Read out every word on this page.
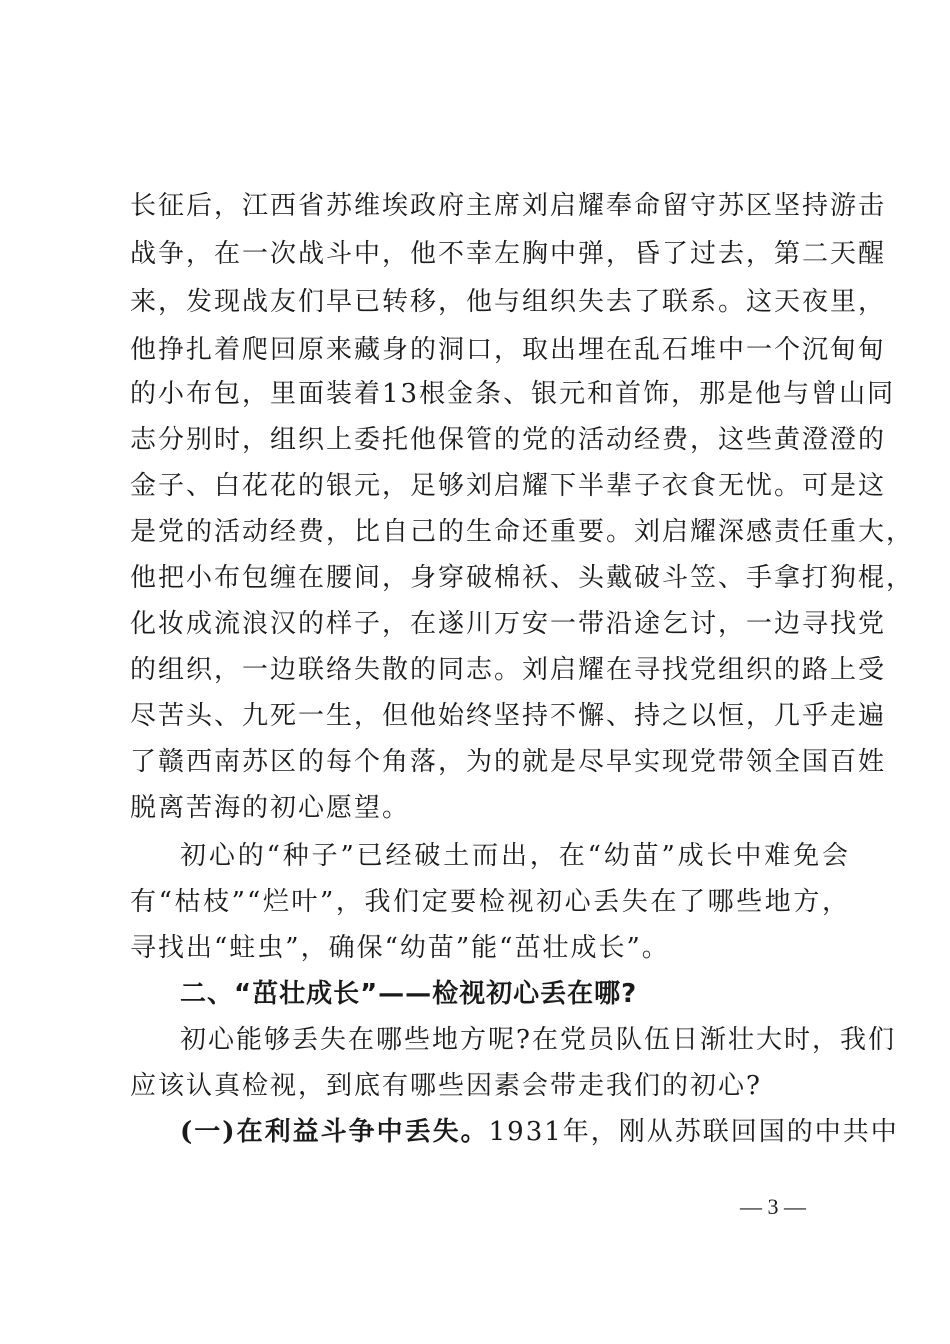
长征后，江西省苏维埃政府主席刘启耀奉命留守苏区坚持游击
战争，在一次战斗中，他不幸左胸中弹，昏了过去，第二天醒
来，发现战友们早已转移，他与组织失去了联系。这天夜里，
他挣扎着爬回原来藏身的洞口，取出埋在乱石堆中一个沉甸甸
的小布包，里面装着13根金条、银元和首饰，那是他与曾山同
志分别时，组织上委托他保管的党的活动经费，这些黄澄澄的
金子、白花花的银元，足够刘启耀下半辈子衣食无忧。可是这
是党的活动经费，比自己的生命还重要。刘启耀深感责任重大，
他把小布包缠在腰间，身穿破棉袄、头戴破斗笠、手拿打狗棍，
化妆成流浪汉的样子，在遂川万安一带沿途乞讨，一边寻找党
的组织，一边联络失散的同志。刘启耀在寻找党组织的路上受
尽苦头、九死一生，但他始终坚持不懈、持之以恒，几乎走遍
了赣西南苏区的每个角落，为的就是尽早实现党带领全国百姓
脱离苦海的初心愿望。
初心的“种子”已经破土而出，在“幼苗”成长中难免会
有“枯枝”“烂叶”，我们定要检视初心丢失在了哪些地方，
寻找出“蛀虫”，确保“幼苗”能“茁壮成长”。
二、“茁壮成长”——检视初心丢在哪?
初心能够丢失在哪些地方呢?在党员队伍日渐壮大时，我们
应该认真检视，到底有哪些因素会带走我们的初心?
(一)在利益斗争中丢失。1931年，刚从苏联回国的中共中
— 3 —
